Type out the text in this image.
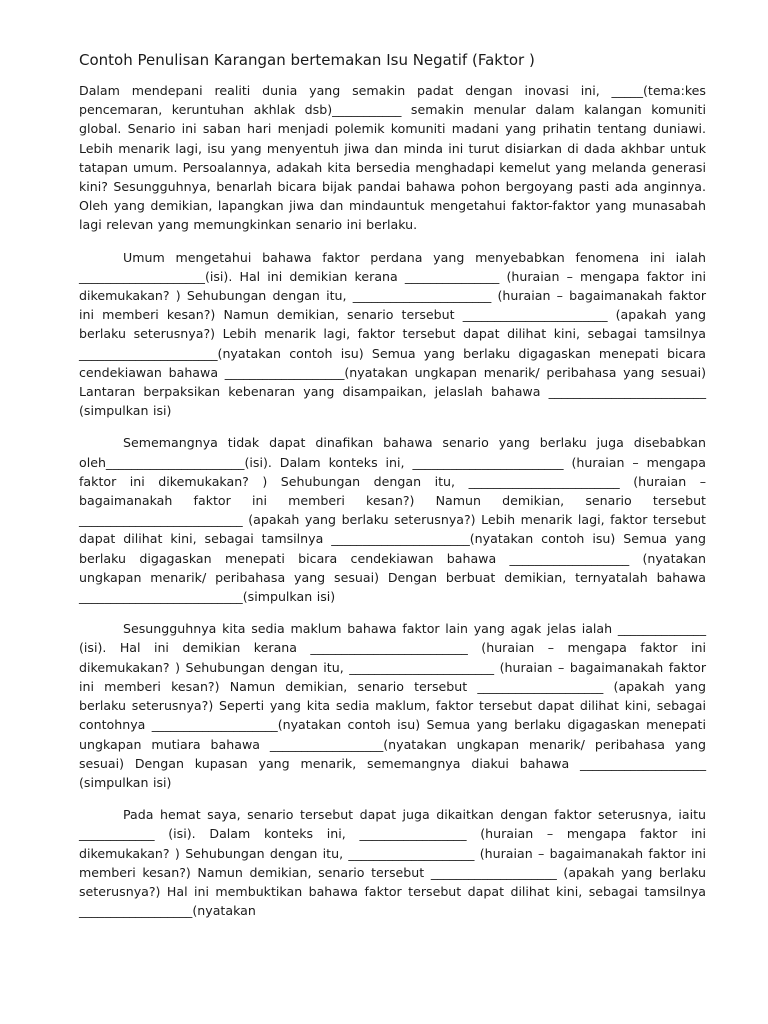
Contoh Penulisan Karangan bertemakan Isu Negatif (Faktor )

Dalam mendepani realiti dunia yang semakin padat dengan inovasi ini, _____(tema:kes pencemaran, keruntuhan akhlak dsb)___________ semakin menular dalam kalangan komuniti global. Senario ini saban hari menjadi polemik komuniti madani yang prihatin tentang duniawi. Lebih menarik lagi, isu yang menyentuh jiwa dan minda ini turut disiarkan di dada akhbar untuk tatapan umum. Persoalannya, adakah kita bersedia menghadapi kemelut yang melanda generasi kini? Sesungguhnya, benarlah bicara bijak pandai bahawa pohon bergoyang pasti ada anginnya. Oleh yang demikian, lapangkan jiwa dan mindauntuk mengetahui faktor-faktor yang munasabah lagi relevan yang memungkinkan senario ini berlaku.

Umum mengetahui bahawa faktor perdana yang menyebabkan fenomena ini ialah ____________________(isi). Hal ini demikian kerana _______________ (huraian – mengapa faktor ini dikemukakan? ) Sehubungan dengan itu, ______________________ (huraian – bagaimanakah faktor ini memberi kesan?) Namun demikian, senario tersebut _______________________ (apakah yang berlaku seterusnya?) Lebih menarik lagi, faktor tersebut dapat dilihat kini, sebagai tamsilnya ______________________(nyatakan contoh isu) Semua yang berlaku digagaskan menepati bicara cendekiawan bahawa ___________________(nyatakan ungkapan menarik/ peribahasa yang sesuai) Lantaran berpaksikan kebenaran yang disampaikan, jelaslah bahawa _________________________ (simpulkan isi)

Sememangnya tidak dapat dinafikan bahawa senario yang berlaku juga disebabkan oleh______________________(isi). Dalam konteks ini, ________________________ (huraian – mengapa faktor ini dikemukakan? ) Sehubungan dengan itu, ________________________ (huraian – bagaimanakah faktor ini memberi kesan?) Namun demikian, senario tersebut __________________________ (apakah yang berlaku seterusnya?) Lebih menarik lagi, faktor tersebut dapat dilihat kini, sebagai tamsilnya ______________________(nyatakan contoh isu) Semua yang berlaku digagaskan menepati bicara cendekiawan bahawa ___________________ (nyatakan ungkapan menarik/ peribahasa yang sesuai) Dengan berbuat demikian, ternyatalah bahawa __________________________(simpulkan isi)

Sesungguhnya kita sedia maklum bahawa faktor lain yang agak jelas ialah ______________ (isi). Hal ini demikian kerana _________________________ (huraian – mengapa faktor ini dikemukakan? ) Sehubungan dengan itu, _______________________ (huraian – bagaimanakah faktor ini memberi kesan?) Namun demikian, senario tersebut ____________________ (apakah yang berlaku seterusnya?) Seperti yang kita sedia maklum, faktor tersebut dapat dilihat kini, sebagai contohnya ____________________(nyatakan contoh isu) Semua yang berlaku digagaskan menepati ungkapan mutiara bahawa __________________(nyatakan ungkapan menarik/ peribahasa yang sesuai) Dengan kupasan yang menarik, sememangnya diakui bahawa ____________________ (simpulkan isi)

Pada hemat saya, senario tersebut dapat juga dikaitkan dengan faktor seterusnya, iaitu ____________ (isi). Dalam konteks ini, _________________ (huraian – mengapa faktor ini dikemukakan? ) Sehubungan dengan itu, ____________________ (huraian – bagaimanakah faktor ini memberi kesan?) Namun demikian, senario tersebut ____________________ (apakah yang berlaku seterusnya?) Hal ini membuktikan bahawa faktor tersebut dapat dilihat kini, sebagai tamsilnya __________________(nyatakan
